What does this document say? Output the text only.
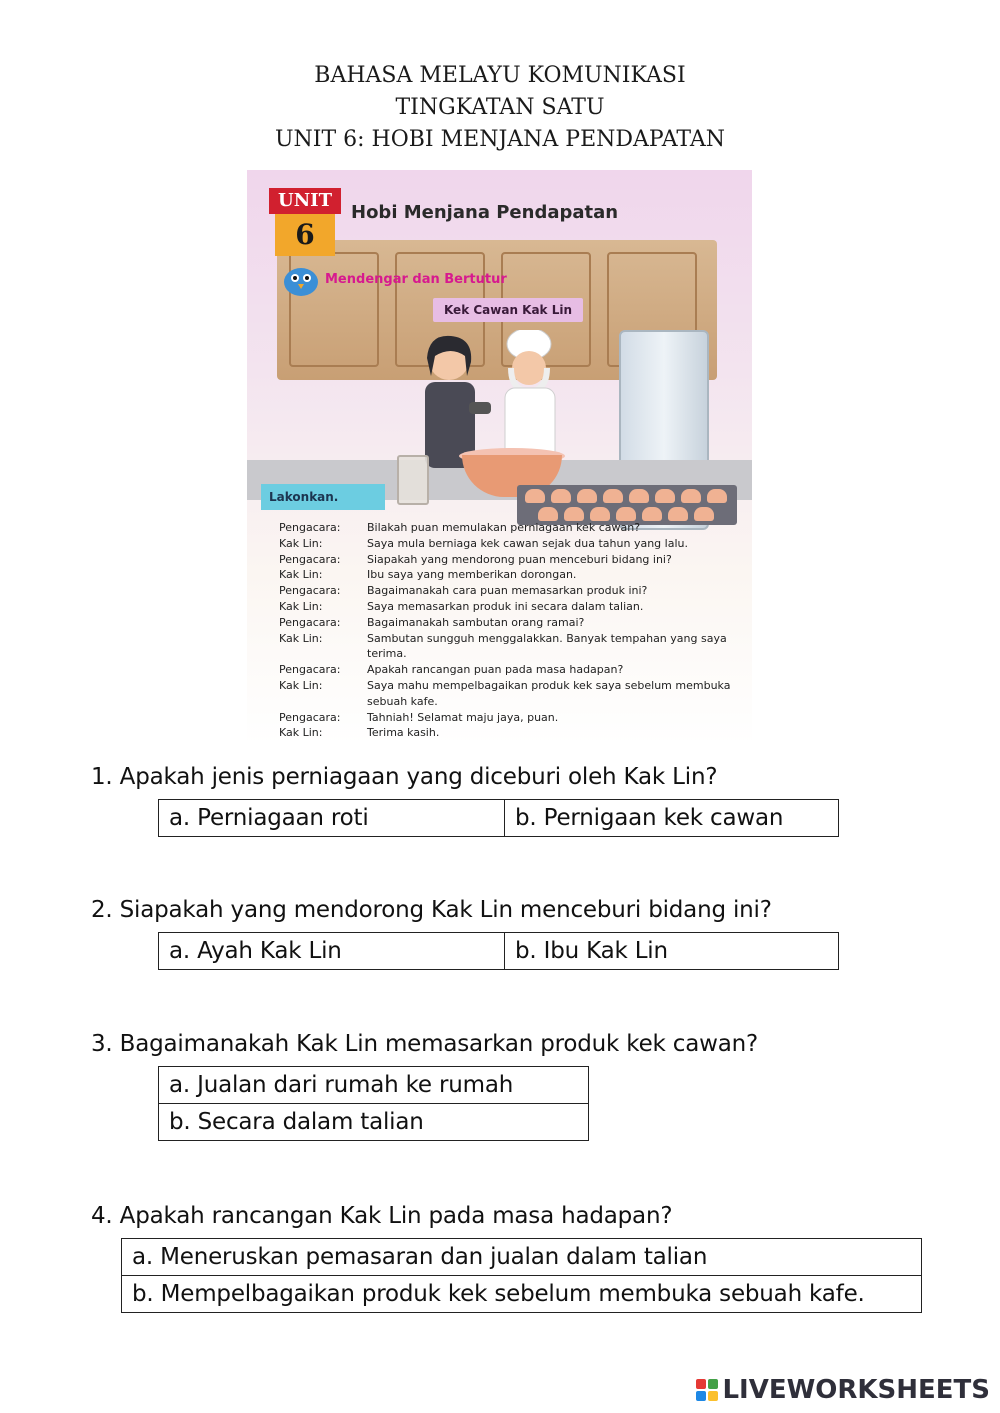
BAHASA MELAYU KOMUNIKASI
TINGKATAN SATU
UNIT 6: HOBI MENJANA PENDAPATAN
UNIT
6
Hobi Menjana Pendapatan
Mendengar dan Bertutur
Kek Cawan Kak Lin
Lakonkan.
Pengacara:	Bilakah puan memulakan perniagaan kek cawan?
Kak Lin:	Saya mula berniaga kek cawan sejak dua tahun yang lalu.
Pengacara:	Siapakah yang mendorong puan menceburi bidang ini?
Kak Lin:	Ibu saya yang memberikan dorongan.
Pengacara:	Bagaimanakah cara puan memasarkan produk ini?
Kak Lin:	Saya memasarkan produk ini secara dalam talian.
Pengacara:	Bagaimanakah sambutan orang ramai?
Kak Lin:	Sambutan sungguh menggalakkan. Banyak tempahan yang saya terima.
Pengacara:	Apakah rancangan puan pada masa hadapan?
Kak Lin:	Saya mahu mempelbagaikan produk kek saya sebelum membuka sebuah kafe.
Pengacara:	Tahniah! Selamat maju jaya, puan.
Kak Lin:	Terima kasih.
1. Apakah jenis perniagaan yang diceburi oleh Kak Lin?
a. Perniagaan roti	b. Pernigaan kek cawan
2. Siapakah yang mendorong Kak Lin menceburi bidang ini?
a. Ayah Kak Lin	b. Ibu Kak Lin
3. Bagaimanakah Kak Lin memasarkan produk kek cawan?
a. Jualan dari rumah ke rumah
b. Secara dalam talian
4. Apakah rancangan Kak Lin pada masa hadapan?
a. Meneruskan pemasaran dan jualan dalam talian
b. Mempelbagaikan produk kek sebelum membuka sebuah kafe.
LIVEWORKSHEETS
